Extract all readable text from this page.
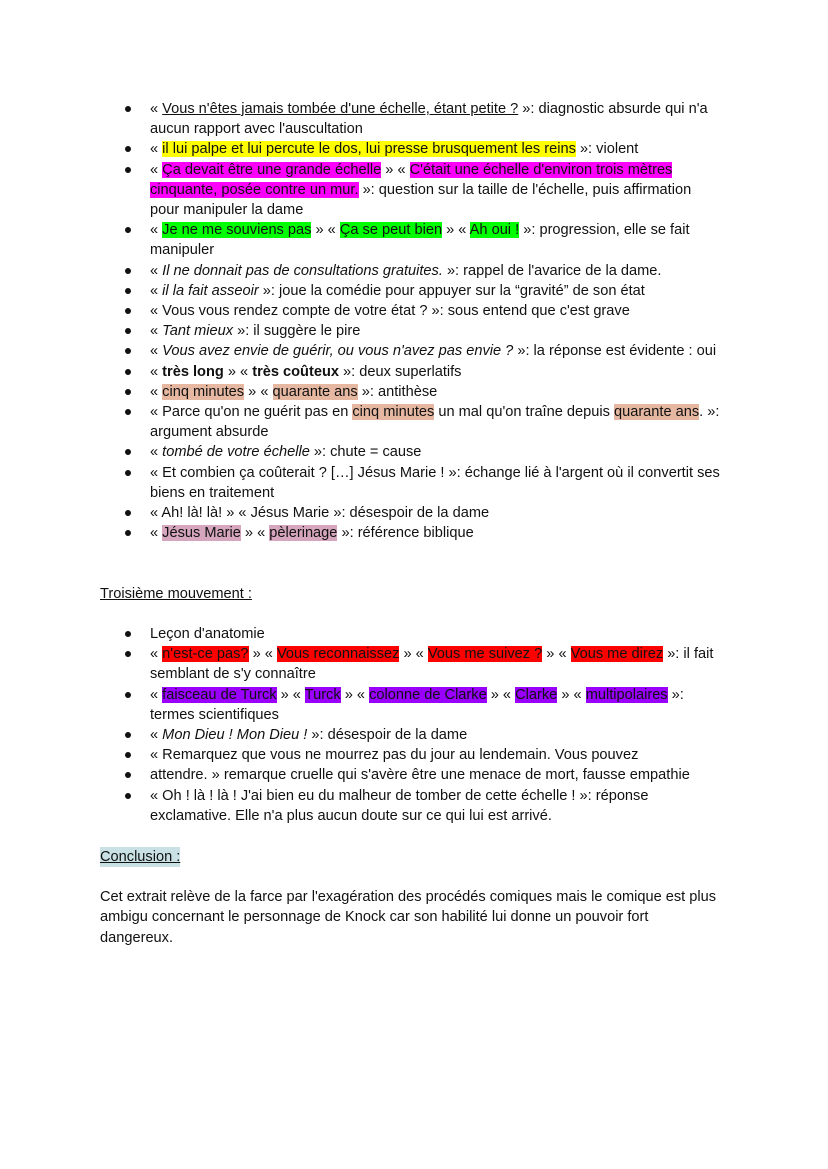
« Vous n'êtes jamais tombée d'une échelle, étant petite ? »: diagnostic absurde qui n'a aucun rapport avec l'auscultation
« il lui palpe et lui percute le dos, lui presse brusquement les reins »: violent
« Ça devait être une grande échelle » « C'était une échelle d'environ trois mètres cinquante, posée contre un mur. »: question sur la taille de l'échelle, puis affirmation pour manipuler la dame
« Je ne me souviens pas » « Ça se peut bien » « Ah oui ! »: progression, elle se fait manipuler
« Il ne donnait pas de consultations gratuites. »: rappel de l'avarice de la dame.
« il la fait asseoir »: joue la comédie pour appuyer sur la “gravité” de son état
« Vous vous rendez compte de votre état ? »: sous entend que c'est grave
« Tant mieux »: il suggère le pire
« Vous avez envie de guérir, ou vous n'avez pas envie ? »: la réponse est évidente : oui
« très long » « très coûteux »: deux superlatifs
« cinq minutes » « quarante ans »: antithèse
« Parce qu'on ne guérit pas en cinq minutes un mal qu'on traîne depuis quarante ans. »: argument absurde
« tombé de votre échelle »: chute = cause
« Et combien ça coûterait ? […] Jésus Marie ! »: échange lié à l'argent où il convertit ses biens en traitement
« Ah! là! là! » « Jésus Marie »: désespoir de la dame
« Jésus Marie » « pèlerinage »: référence biblique
Troisième mouvement :
Leçon d'anatomie
« n'est-ce pas? » « Vous reconnaissez » « Vous me suivez ? » « Vous me direz »: il fait semblant de s'y connaître
« faisceau de Turck » « Turck » « colonne de Clarke » « Clarke » « multipolaires »: termes scientifiques
« Mon Dieu ! Mon Dieu ! »: désespoir de la dame
« Remarquez que vous ne mourrez pas du jour au lendemain. Vous pouvez
attendre. » remarque cruelle qui s'avère être une menace de mort, fausse empathie
« Oh ! là ! là ! J'ai bien eu du malheur de tomber de cette échelle ! »: réponse exclamative. Elle n'a plus aucun doute sur ce qui lui est arrivé.
Conclusion :
Cet extrait relève de la farce par l'exagération des procédés comiques mais le comique est plus ambigu concernant le personnage de Knock car son habilité lui donne un pouvoir fort dangereux.
